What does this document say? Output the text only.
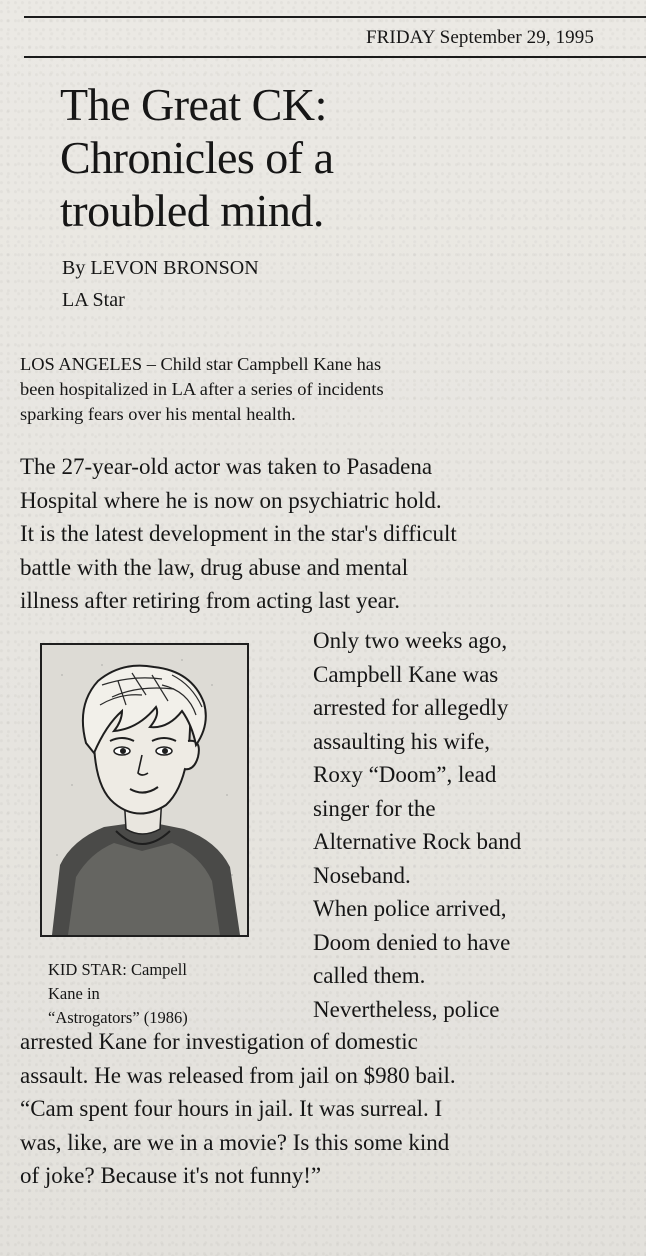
FRIDAY September 29, 1995
The Great CK:
Chronicles of a
troubled mind.
By LEVON BRONSON
LA Star
LOS ANGELES – Child star Campbell Kane has
been hospitalized in LA after a series of incidents
sparking fears over his mental health.
The 27-year-old actor was taken to Pasadena
Hospital where he is now on psychiatric hold.
It is the latest development in the star's difficult
battle with the law, drug abuse and mental
illness after retiring from acting last year.
KID STAR: Campell
Kane in
“Astrogators” (1986)
Only two weeks ago,
Campbell Kane was
arrested for allegedly
assaulting his wife,
Roxy “Doom”, lead
singer for the
Alternative Rock band
Noseband.
When police arrived,
Doom denied to have
called them.
Nevertheless, police
arrested Kane for investigation of domestic
assault. He was released from jail on $980 bail.
“Cam spent four hours in jail. It was surreal. I
was, like, are we in a movie? Is this some kind
of joke? Because it's not funny!”
